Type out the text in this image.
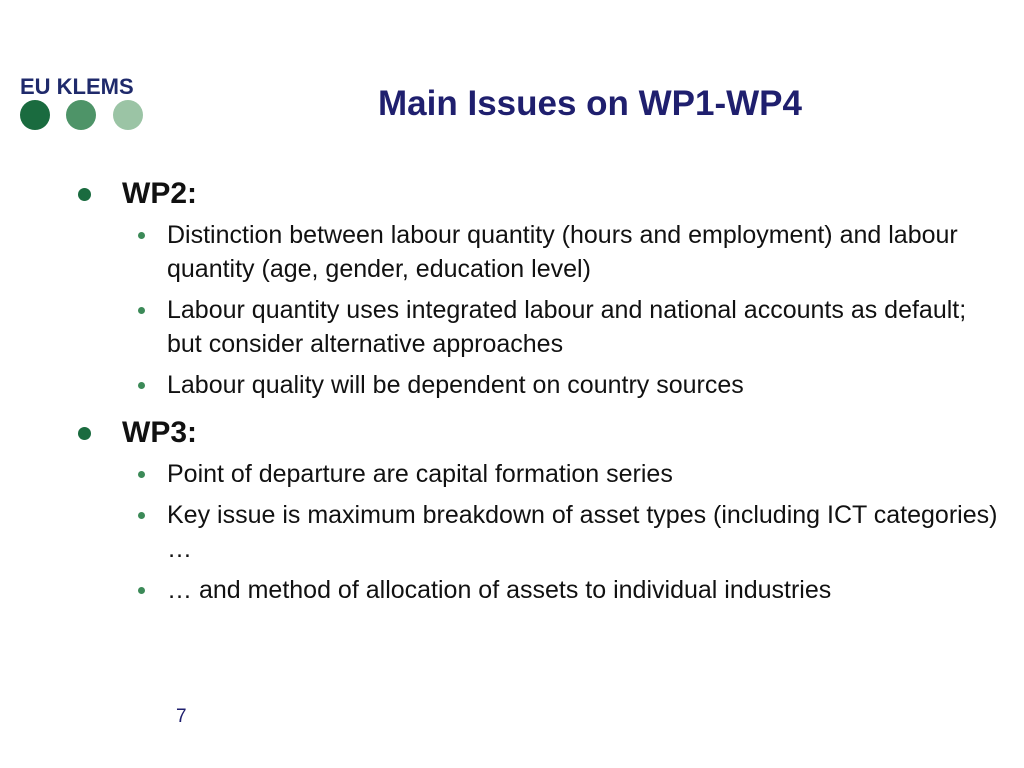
EU KLEMS	Main Issues on WP1-WP4
WP2:
Distinction between labour quantity (hours and employment) and labour quantity (age, gender, education level)
Labour quantity uses integrated labour and national accounts as default; but consider alternative approaches
Labour quality will be dependent on country sources
WP3:
Point of departure are capital formation series
Key issue is maximum breakdown of asset types (including ICT categories) …
… and method of allocation of assets to individual industries
7
